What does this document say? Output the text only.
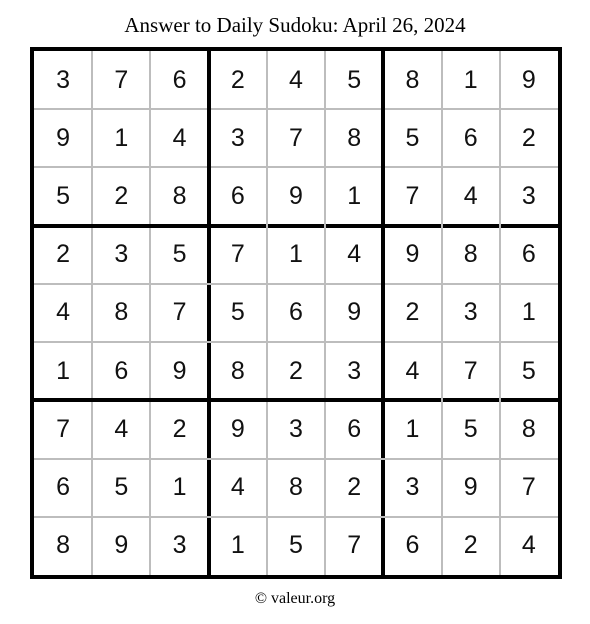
Answer to Daily Sudoku: April 26, 2024
3	7	6	2	4	5	8	1	9
9	1	4	3	7	8	5	6	2
5	2	8	6	9	1	7	4	3
2	3	5	7	1	4	9	8	6
4	8	7	5	6	9	2	3	1
1	6	9	8	2	3	4	7	5
7	4	2	9	3	6	1	5	8
6	5	1	4	8	2	3	9	7
8	9	3	1	5	7	6	2	4
© valeur.org
